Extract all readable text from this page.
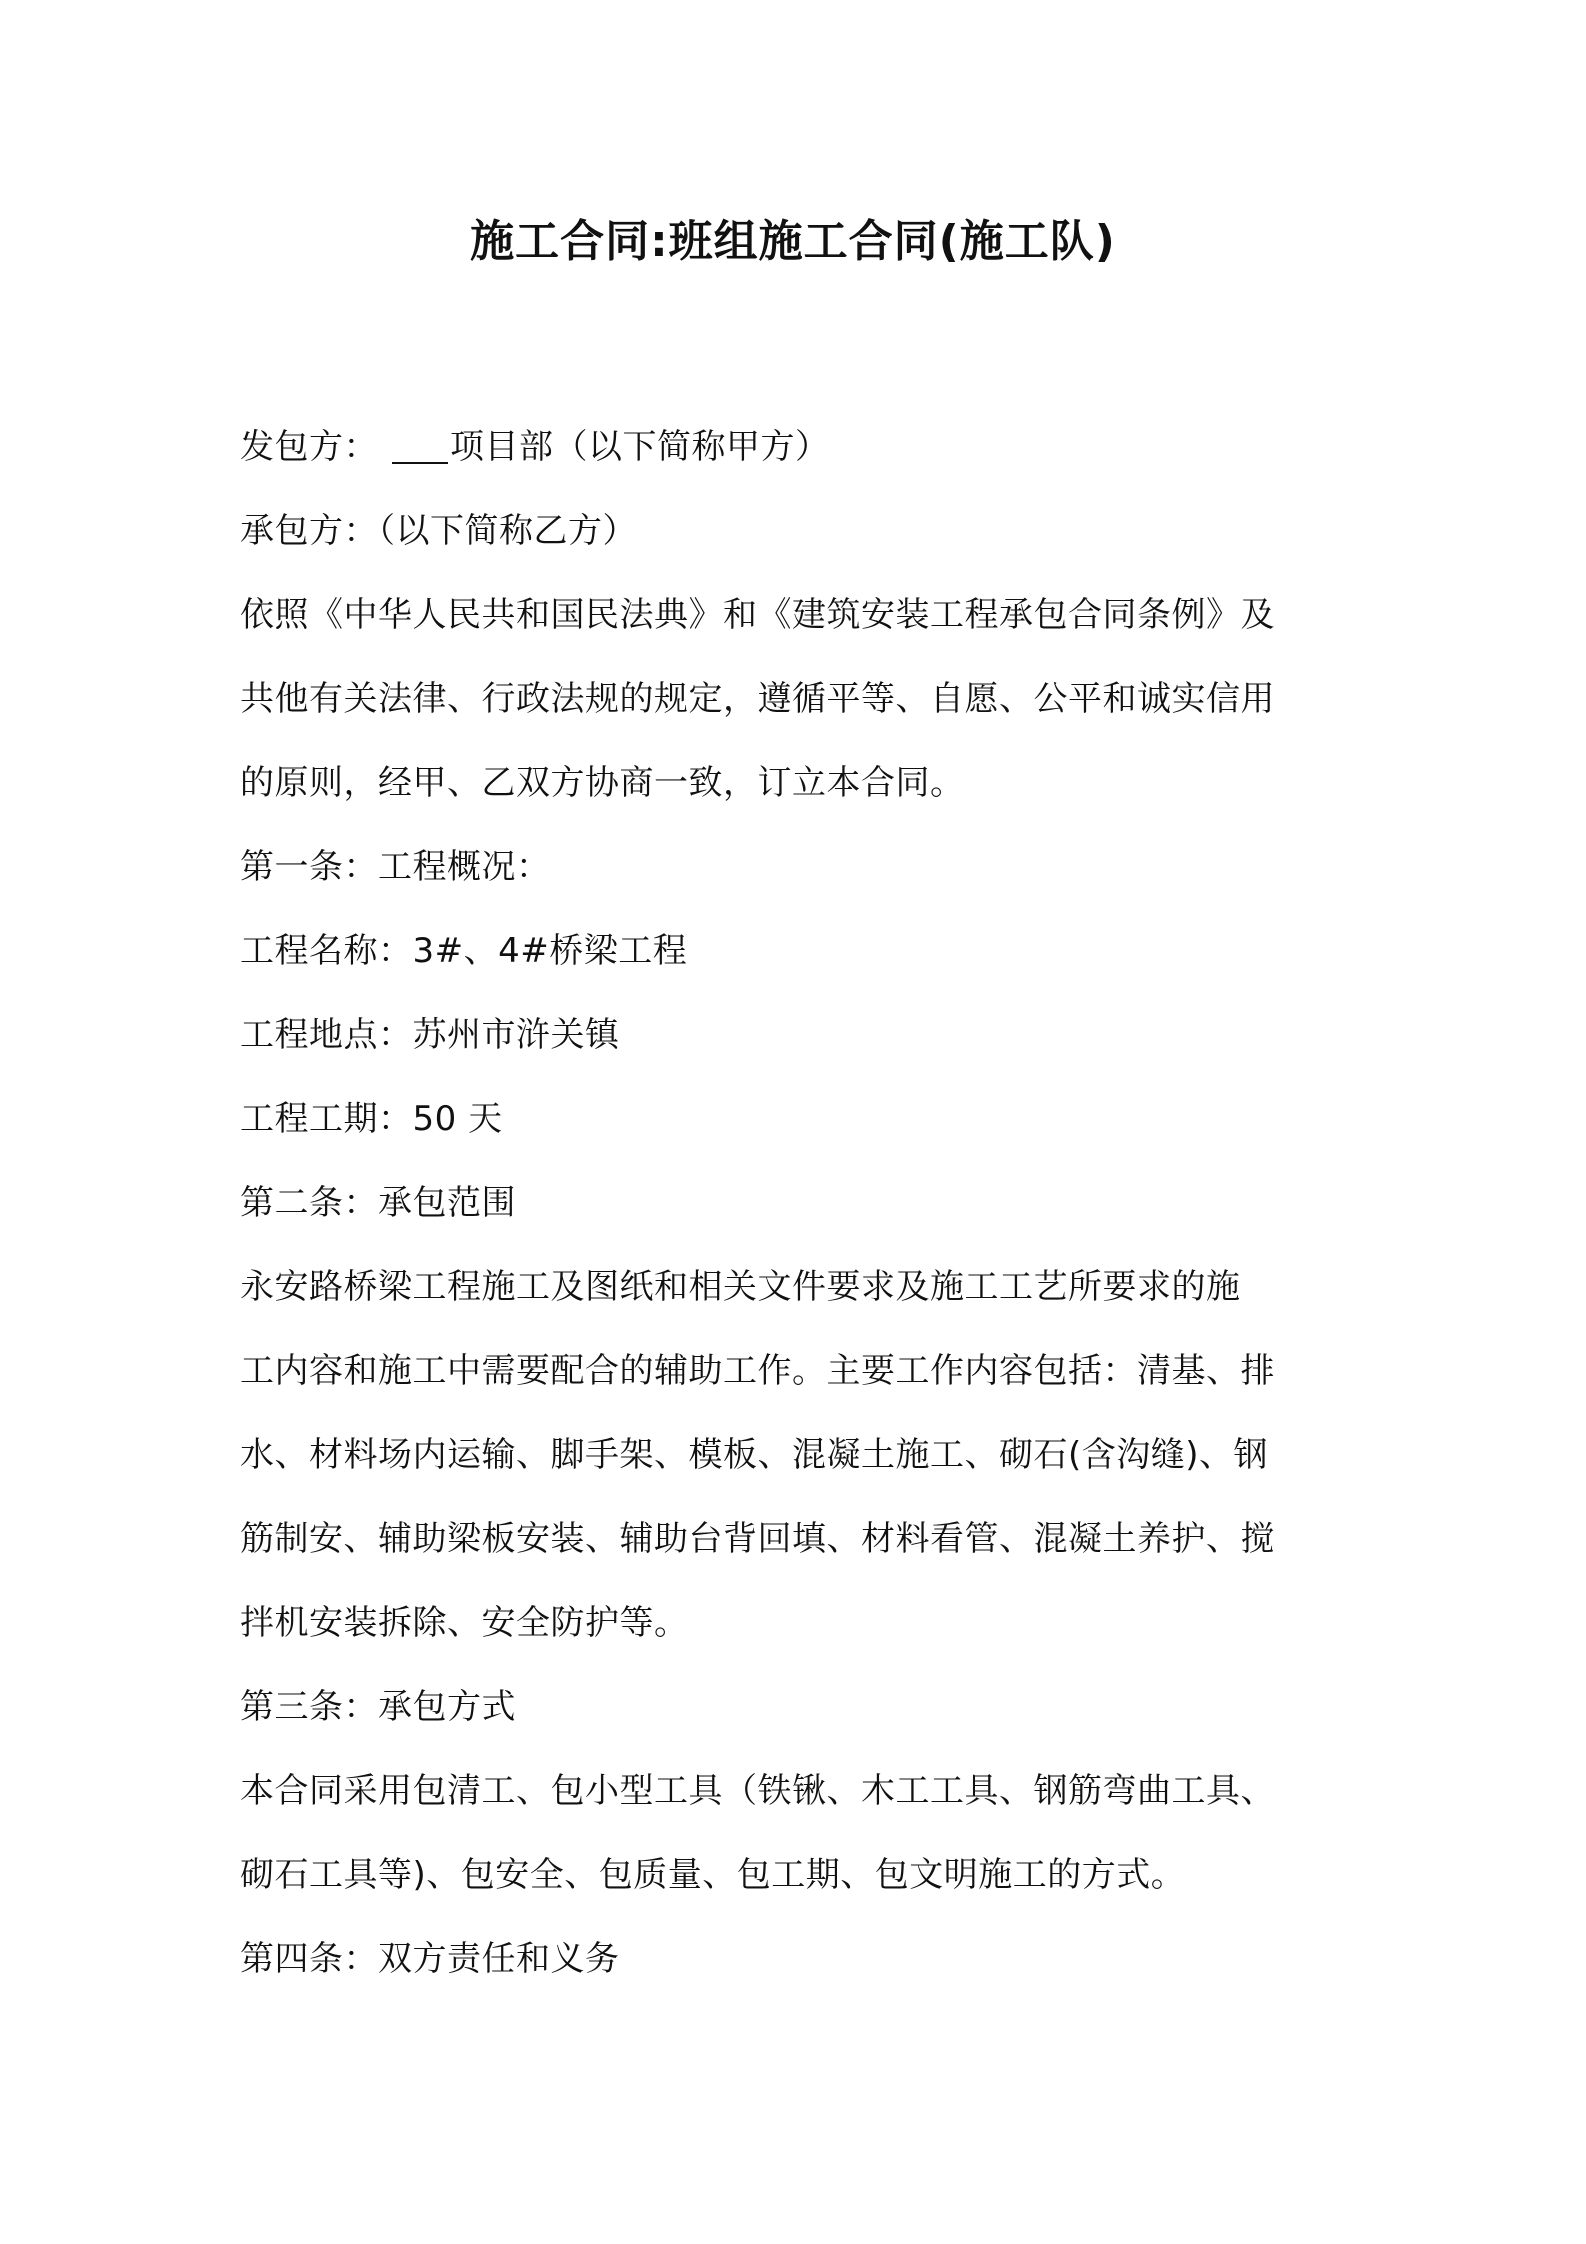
施工合同:班组施工合同(施工队)

发包方： 项目部（以下简称甲方）

承包方：（以下简称乙方）

依照《中华人民共和国民法典》和《建筑安装工程承包合同条例》及

共他有关法律、行政法规的规定，遵循平等、自愿、公平和诚实信用

的原则，经甲、乙双方协商一致，订立本合同。

第一条：工程概况：

工程名称：3#、4#桥梁工程

工程地点：苏州市浒关镇

工程工期：50 天

第二条：承包范围

永安路桥梁工程施工及图纸和相关文件要求及施工工艺所要求的施

工内容和施工中需要配合的辅助工作。主要工作内容包括：清基、排

水、材料场内运输、脚手架、模板、混凝土施工、砌石(含沟缝)、钢

筋制安、辅助梁板安装、辅助台背回填、材料看管、混凝土养护、搅

拌机安装拆除、安全防护等。

第三条：承包方式

本合同采用包清工、包小型工具（铁锹、木工工具、钢筋弯曲工具、

砌石工具等)、包安全、包质量、包工期、包文明施工的方式。

第四条：双方责任和义务
